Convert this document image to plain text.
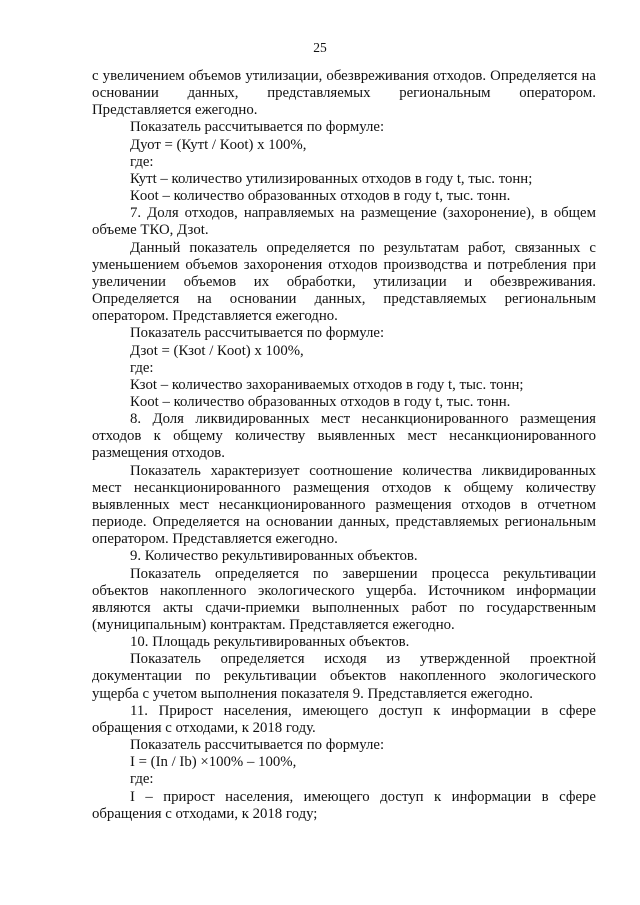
25

с увеличением объемов утилизации, обезвреживания отходов. Определяется на основании данных, представляемых региональным оператором. Представляется ежегодно.

Показатель рассчитывается по формуле:

Дуот = (Кутt / Кoot) х 100%,

где:

Кутt – количество утилизированных отходов в году t, тыс. тонн;

Кoot – количество образованных отходов в году t, тыс. тонн.

7. Доля отходов, направляемых на размещение (захоронение), в общем объеме ТКО, Дзot.

Данный показатель определяется по результатам работ, связанных с уменьшением объемов захоронения отходов производства и потребления при увеличении объемов их обработки, утилизации и обезвреживания. Определяется на основании данных, представляемых региональным оператором. Представляется ежегодно.

Показатель рассчитывается по формуле:

Дзot = (Кзot / Кoot) х 100%,

где:

Кзot – количество захораниваемых отходов в году t, тыс. тонн;

Кoot – количество образованных отходов в году t, тыс. тонн.

8. Доля ликвидированных мест несанкционированного размещения отходов к общему количеству выявленных мест несанкционированного размещения отходов.

Показатель характеризует соотношение количества ликвидированных мест несанкционированного размещения отходов к общему количеству выявленных мест несанкционированного размещения отходов в отчетном периоде. Определяется на основании данных, представляемых региональным оператором. Представляется ежегодно.

9. Количество рекультивированных объектов.

Показатель определяется по завершении процесса рекультивации объектов накопленного экологического ущерба. Источником информации являются акты сдачи-приемки выполненных работ по государственным (муниципальным) контрактам. Представляется ежегодно.

10. Площадь рекультивированных объектов.

Показатель определяется исходя из утвержденной проектной документации по рекультивации объектов накопленного экологического ущерба с учетом выполнения показателя 9. Представляется ежегодно.

11. Прирост населения, имеющего доступ к информации в сфере обращения с отходами, к 2018 году.

Показатель рассчитывается по формуле:

I = (In / Ib) ×100% – 100%,

где:

I – прирост населения, имеющего доступ к информации в сфере обращения с отходами, к 2018 году;
